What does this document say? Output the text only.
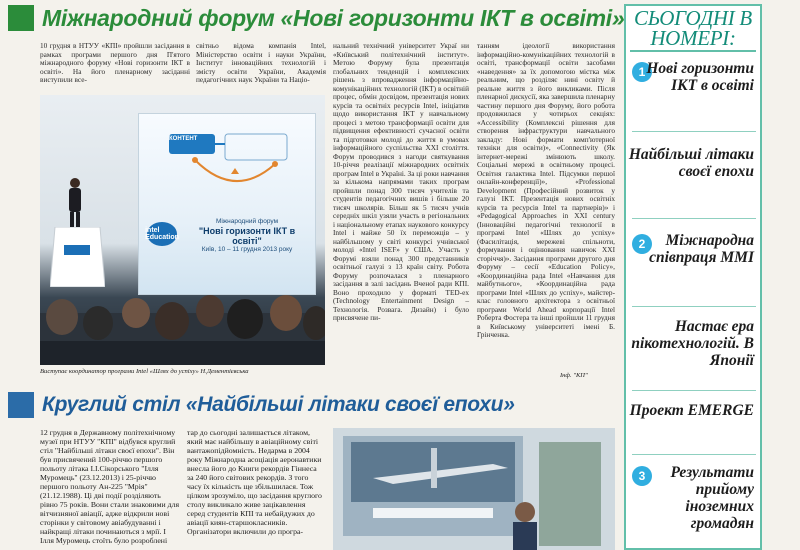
Міжнародний форум «Нові горизонти ІКТ в освіті»

10 грудня в НТУУ «КПІ» пройшли засідання в рамках програми першого дня П'ятого міжнародного форуму «Нові горизонти ІКТ в освіті». На його пленарному засіданні виступили все-

світньо відома компанія Intel, Міністерство освіти і науки України, Інститут інноваційних технологій і змісту освіти України, Академія педагогічних наук України та Націо-

КОНТЕНТ
intel Education
Міжнародний форум
"Нові горизонти ІКТ в освіті"
Київ, 10 – 11 грудня 2013 року

Виступає координатор програми Intel «Шлях до успіху» Н.Дементієвська

нальний технічний університет Украї ни «Київський політехнічний інститут». Метою Форуму була презентація глобальних тенденцій і комплексних рішень з впровадження інформаційно-комунікаційних технологій (ІКТ) в освітній процес, обмін досвідом, презентація нових курсів та освітніх ресурсів Intel, ініціатив щодо використання ІКТ у навчальному процесі з метою трансформації освіти для підвищення ефективності сучасної освіти та підготовки молоді до життя в умовах інформаційного суспільства XXI століття. Форум проводився з нагоди святкування 10-річчя реалізації міжнародних освітніх програм Intel в Україні. За ці роки навчання за кількома напрямами таких програм пройшли понад 300 тисяч учителів та студентів педагогічних вишів і більше 20 тисяч школярів. Більш як 5 тисяч учнів середніх шкіл узяли участь в регіональних і національному етапах наукового конкурсу Intel і майже 50 їх переможців – у найбільшому у світі конкурсі учнівської молоді «Intel ISEF» у США. Участь у Форумі взяли понад 300 представників освітньої галузі з 13 країн світу. Робота Форуму розпочалася з пленарного засідання в залі засідань Вченої ради КПІ. Воно проходило у форматі TED-ex (Technology Entertainment Design – Технологія. Розвага. Дизайн) і було присвячене пи-

танням ідеології використання інформаційно-комунікаційних технологій в освіті, трансформації освіти засобами «наведення» за їх допомогою містка між реальним, що розділяє нині освіту й реальне життя з його викликами. Після пленарної дискусії, яка завершила пленарну частину першого дня Форуму, його робота продовжилася у чотирьох секціях: «Accessibility (Комплексні рішення для створення інфраструктури навчального закладу: Нові формати комп'ютерної техніки для освіти)», «Connectivity (Як інтернет-мережі змінюють школу. Соціальні мережі в освітньому процесі. Освітня галактика Intel. Підсумки першої онлайн-конференції)», «Professional Development (Професійний розвиток у галузі ІКТ. Презентація нових освітніх курсів та ресурсів Intel та партнерів)» і «Pedagogical Approaches in XXI century (Інноваційні педагогічні технології в програмі Intel «Шлях до успіху» (Фасилітація, мережеві спільноти, формування і оцінювання навичок XXI сторіччя)». Засідання програми другого дня Форуму – сесії «Education Policy», «Координаційна рада Intel «Навчання для майбутнього», «Координаційна рада програми Intel «Шлях до успіху», майстер-клас головного архітектора з освітньої програми World Ahead корпорації Intel Роберта Фостера та інші пройшли 11 грудня в Київському університеті імені Б. Грінченка.

Інф. "КП"
Круглий стіл «Найбільші літаки своєї епохи»

12 грудня в Державному політехнічному музеї при НТУУ "КПІ" відбувся круглий стіл "Найбільші літаки своєї епохи". Він був присвячений 100-річчю першого польоту літака І.І.Сікорського "Ілля Муромець" (23.12.2013) і 25-річчю першого польоту Ан-225 "Мрія" (21.12.1988). Ці дві події розділяють рівно 75 років. Вони стали знаковими для вітчизняної авіації, адже відкрили нові сторінки у світовому авіабудуванні і найкращі літаки починаються з мрії. І Ілля Муромець стоїть було розроблені

тар до сьогодні залишається літаком, який має найбільшу в авіаційному світі вантажопідйомність. Недарма в 2004 року Міжнародна асоціація аеронавтики внесла його до Книги рекордів Гіннеса за 240 його світових рекордів. З того часу їх кількість ще збільшилася. Тож цілком зрозуміло, що засідання круглого столу викликало живе зацікавлення серед студентів КПІ та небайдужих до авіації киян-старшокласників. Організатори включили до програ-

СЬОГОДНІ В НОМЕРІ:
1 Нові горизонти ІКТ в освіті
Найбільші літаки своєї епохи
2	Міжнародна співпраця ММІ
Настає ера пікотехнологій. В Японії
Проект EMERGE
3	Результати прийому іноземних громадян
